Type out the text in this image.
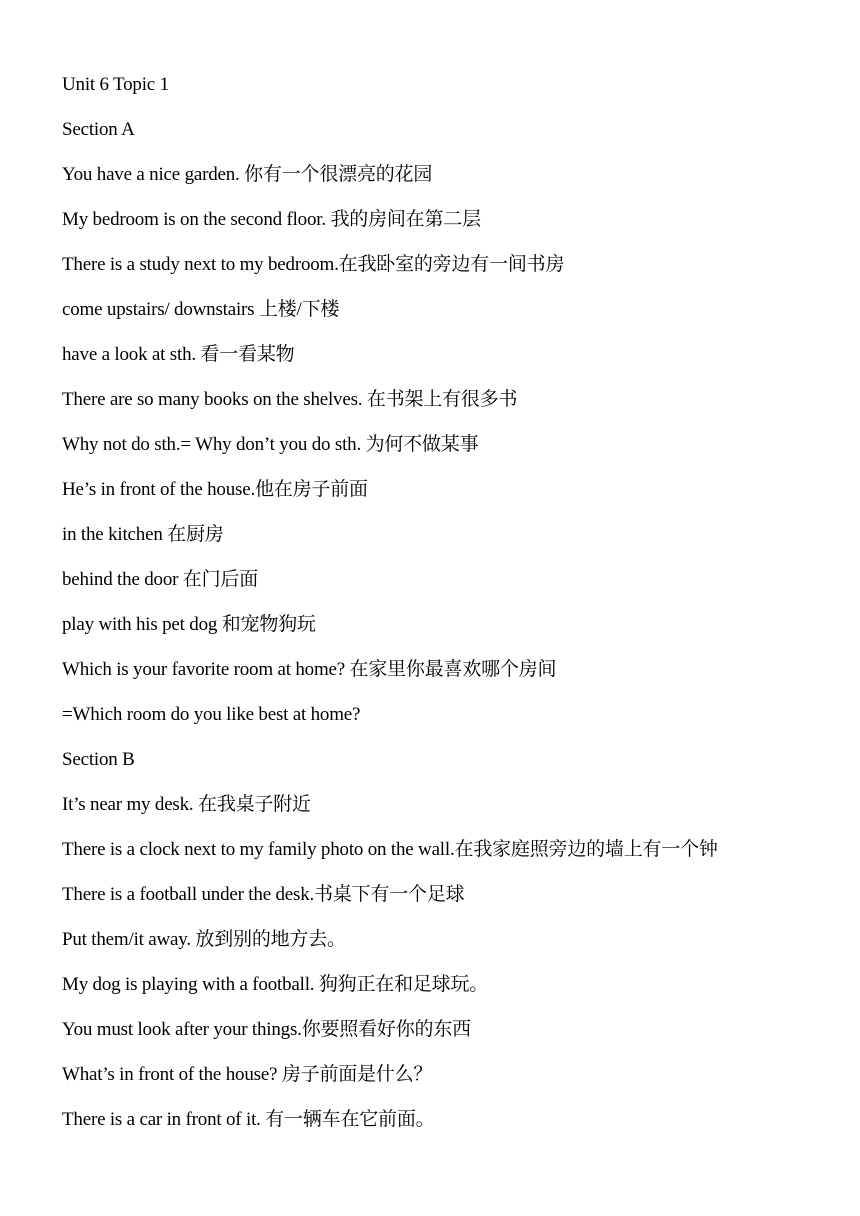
Unit 6 Topic 1
Section A
You have a nice garden. 你有一个很漂亮的花园
My bedroom is on the second floor. 我的房间在第二层
There is a study next to my bedroom.在我卧室的旁边有一间书房
come upstairs/ downstairs 上楼/下楼
have a look at sth. 看一看某物
There are so many books on the shelves. 在书架上有很多书
Why not do sth.= Why don’t you do sth. 为何不做某事
He’s in front of the house.他在房子前面
in the kitchen 在厨房
behind the door 在门后面
play with his pet dog 和宠物狗玩
Which is your favorite room at home? 在家里你最喜欢哪个房间
=Which room do you like best at home?
Section B
It’s near my desk. 在我桌子附近
There is a clock next to my family photo on the wall.在我家庭照旁边的墙上有一个钟
There is a football under the desk.书桌下有一个足球
Put them/it away. 放到别的地方去。
My dog is playing with a football. 狗狗正在和足球玩。
You must look after your things.你要照看好你的东西
What’s in front of the house? 房子前面是什么？
There is a car in front of it. 有一辆车在它前面。
